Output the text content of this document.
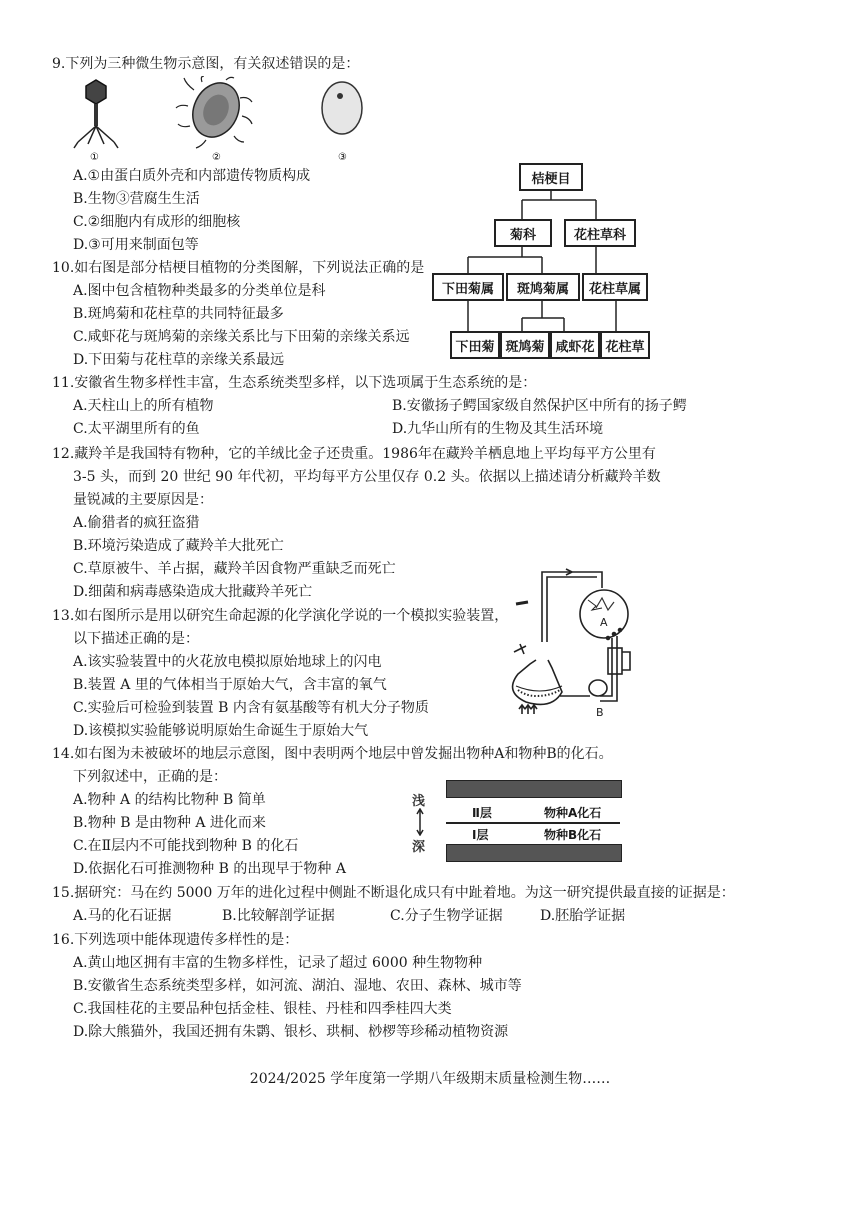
9.下列为三种微生物示意图，有关叙述错误的是：
①	②	③
A.①由蛋白质外壳和内部遗传物质构成
B.生物③营腐生生活
C.②细胞内有成形的细胞核
D.③可用来制面包等
桔梗目
菊科	花柱草科
下田菊属	斑鸠菊属	花柱草属
下田菊 斑鸠菊 咸虾花 花柱草
10.如右图是部分桔梗目植物的分类图解，下列说法正确的是
A.图中包含植物种类最多的分类单位是科
B.斑鸠菊和花柱草的共同特征最多
C.咸虾花与斑鸠菊的亲缘关系比与下田菊的亲缘关系远
D.下田菊与花柱草的亲缘关系最远
11.安徽省生物多样性丰富，生态系统类型多样，以下选项属于生态系统的是：
A.天柱山上的所有植物	B.安徽扬子鳄国家级自然保护区中所有的扬子鳄
C.太平湖里所有的鱼	D.九华山所有的生物及其生活环境
12.藏羚羊是我国特有物种，它的羊绒比金子还贵重。1986年在藏羚羊栖息地上平均每平方公里有
3-5 头，而到 20 世纪 90 年代初，平均每平方公里仅存 0.2 头。依据以上描述请分析藏羚羊数
量锐减的主要原因是：
A.偷猎者的疯狂盗猎
B.环境污染造成了藏羚羊大批死亡
C.草原被牛、羊占据，藏羚羊因食物严重缺乏而死亡
D.细菌和病毒感染造成大批藏羚羊死亡
A
B
13.如右图所示是用以研究生命起源的化学演化学说的一个模拟实验装置，
以下描述正确的是：
A.该实验装置中的火花放电模拟原始地球上的闪电
B.装置 A 里的气体相当于原始大气，含丰富的氧气
C.实验后可检验到装置 B 内含有氨基酸等有机大分子物质
D.该模拟实验能够说明原始生命诞生于原始大气
14.如右图为未被破坏的地层示意图，图中表明两个地层中曾发掘出物种A和物种B的化石。
下列叙述中，正确的是：
A.物种 A 的结构比物种 B 简单
B.物种 B 是由物种 A 进化而来
C.在Ⅱ层内不可能找到物种 B 的化石
D.依据化石可推测物种 B 的出现早于物种 A
浅
深
Ⅱ层	物种A化石
Ⅰ层	物种B化石
15.据研究：马在约 5000 万年的进化过程中侧趾不断退化成只有中趾着地。为这一研究提供最直接的证据是：
A.马的化石证据	B.比较解剖学证据	C.分子生物学证据	D.胚胎学证据
16.下列选项中能体现遗传多样性的是：
A.黄山地区拥有丰富的生物多样性，记录了超过 6000 种生物物种
B.安徽省生态系统类型多样，如河流、湖泊、湿地、农田、森林、城市等
C.我国桂花的主要品种包括金桂、银桂、丹桂和四季桂四大类
D.除大熊猫外，我国还拥有朱鹮、银杉、珙桐、桫椤等珍稀动植物资源
2024/2025 学年度第一学期八年级期末质量检测生物……
